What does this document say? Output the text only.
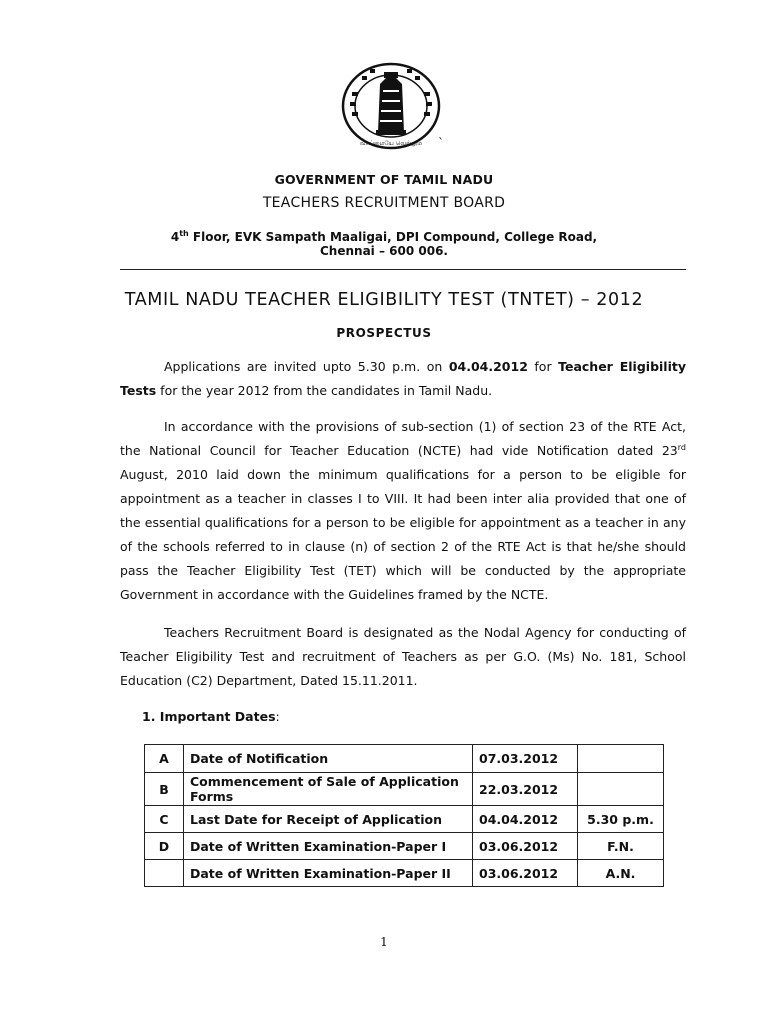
வாய்மையே வெல்லும் `
GOVERNMENT OF TAMIL NADU
TEACHERS RECRUITMENT BOARD
4th Floor, EVK Sampath Maaligai, DPI Compound, College Road,
Chennai – 600 006.
TAMIL NADU TEACHER ELIGIBILITY TEST (TNTET) – 2012
PROSPECTUS

Applications are invited upto 5.30 p.m. on 04.04.2012 for Teacher Eligibility Tests for the year 2012 from the candidates in Tamil Nadu.

In accordance with the provisions of sub-section (1) of section 23 of the RTE Act, the National Council for Teacher Education (NCTE) had vide Notification dated 23rd August, 2010 laid down the minimum qualifications for a person to be eligible for appointment as a teacher in classes I to VIII. It had been inter alia provided that one of the essential qualifications for a person to be eligible for appointment as a teacher in any of the schools referred to in clause (n) of section 2 of the RTE Act is that he/she should pass the Teacher Eligibility Test (TET) which will be conducted by the appropriate Government in accordance with the Guidelines framed by the NCTE.

Teachers Recruitment Board is designated as the Nodal Agency for conducting of Teacher Eligibility Test and recruitment of Teachers as per G.O. (Ms) No. 181, School Education (C2) Department, Dated 15.11.2011.

1. Important Dates:
A	Date of Notification	07.03.2012	
B	Commencement of Sale of Application Forms	22.03.2012	
C	Last Date for Receipt of Application	04.04.2012	5.30 p.m.
D	Date of Written Examination-Paper I	03.06.2012	F.N.
	Date of Written Examination-Paper II	03.06.2012	A.N.
1
